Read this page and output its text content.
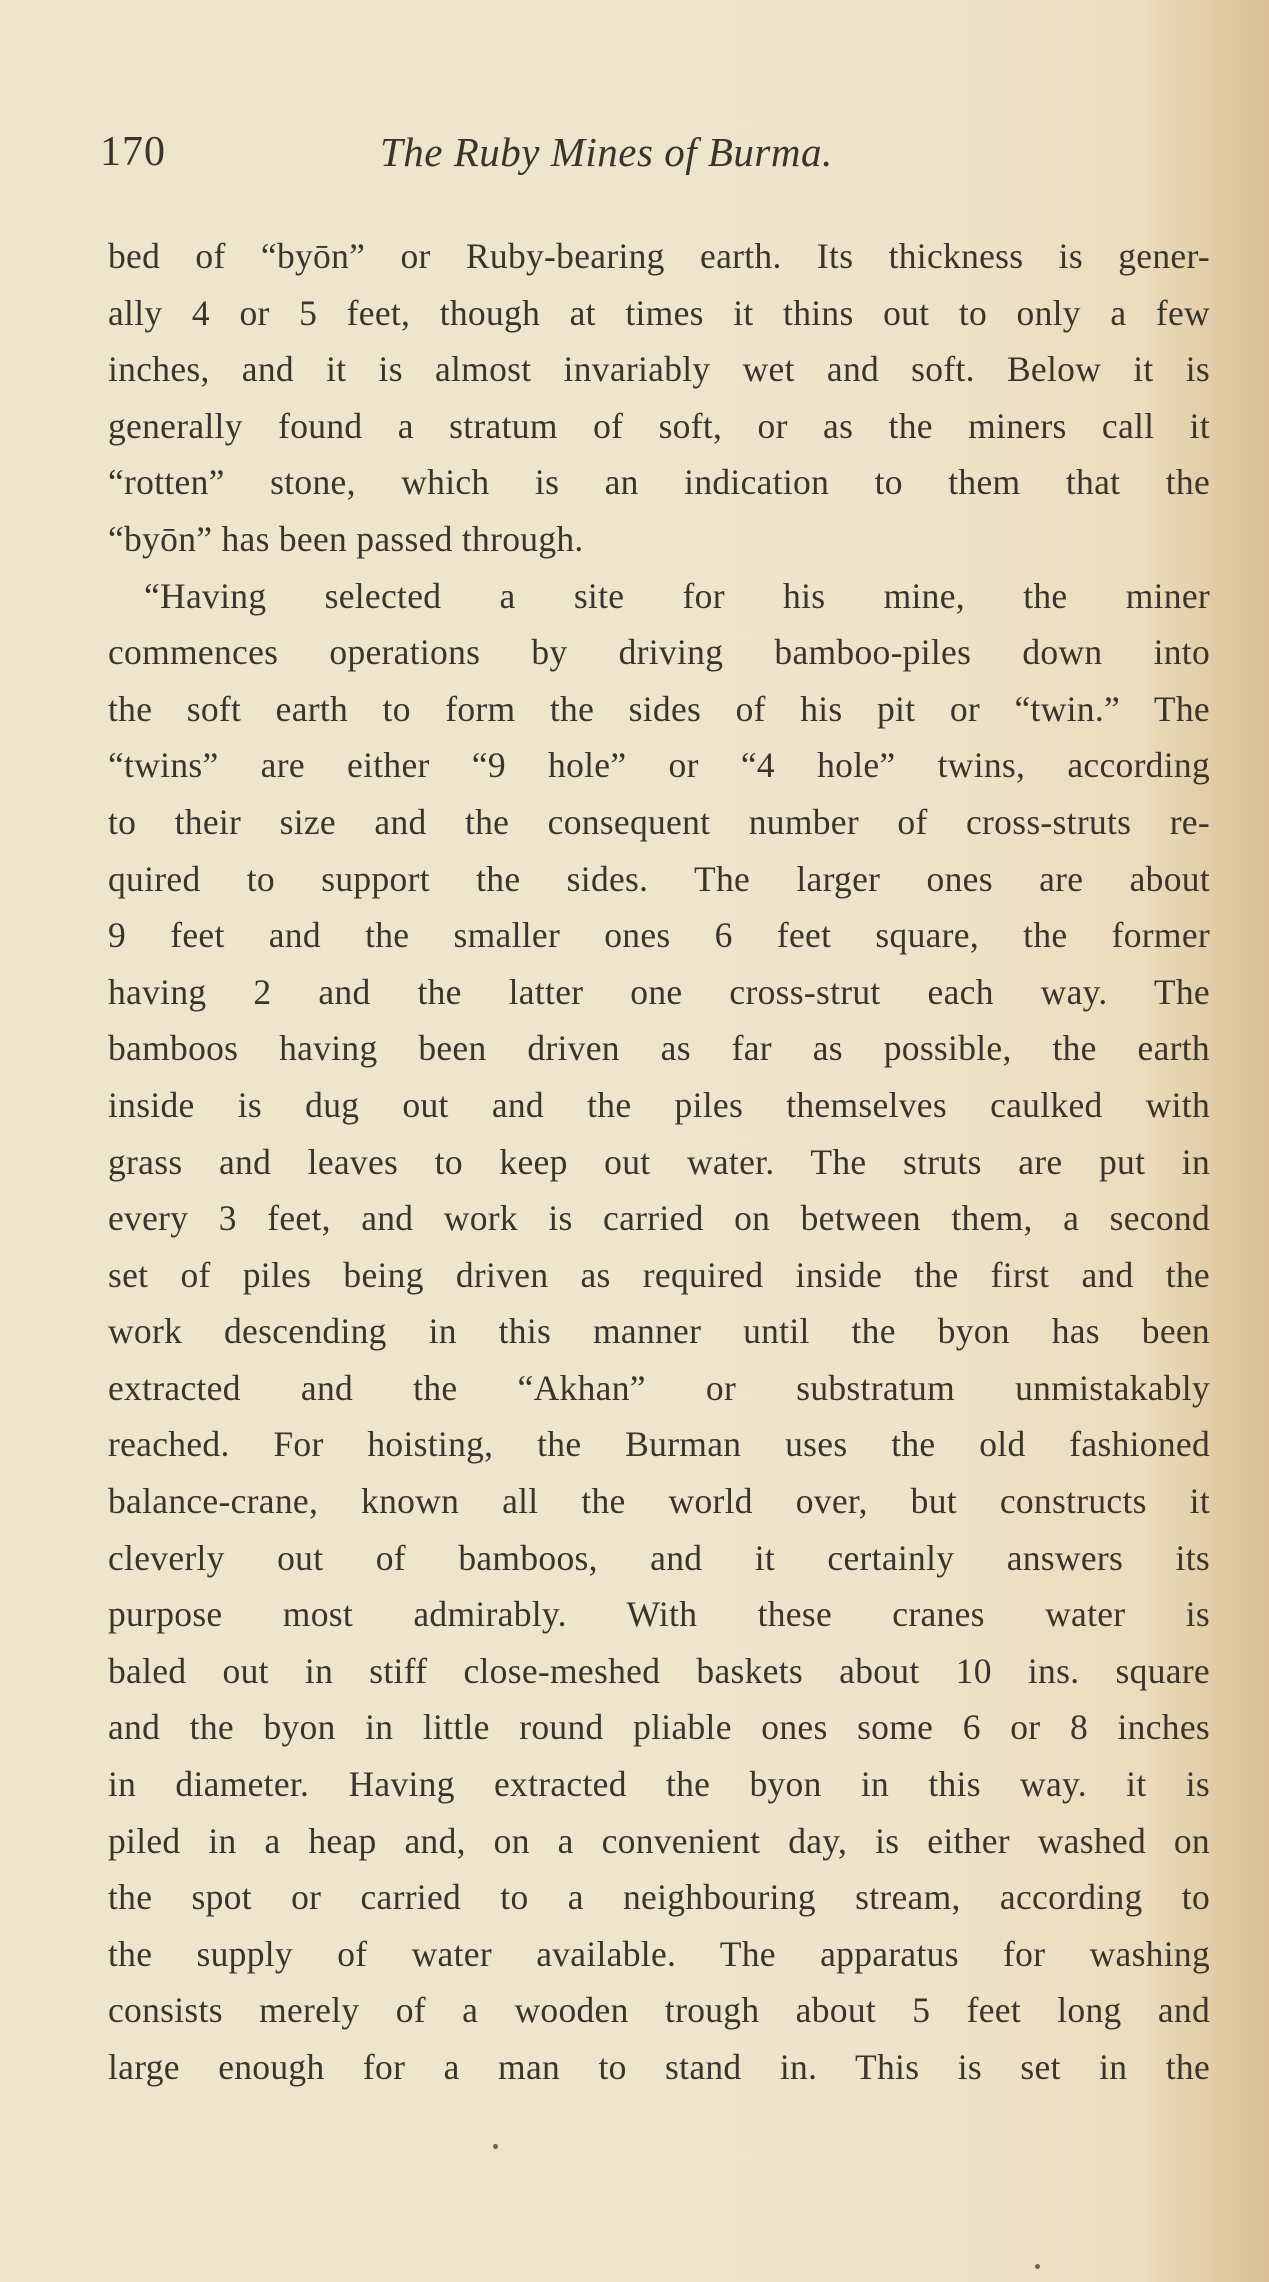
170	The Ruby Mines of Burma.
bed of “byōn” or Ruby-bearing earth. Its thickness is gener-
ally 4 or 5 feet, though at times it thins out to only a few
inches, and it is almost invariably wet and soft. Below it is
generally found a stratum of soft, or as the miners call it
“rotten” stone, which is an indication to them that the
“byōn” has been passed through.
“Having selected a site for his mine, the miner
commences operations by driving bamboo-piles down into
the soft earth to form the sides of his pit or “twin.” The
“twins” are either “9 hole” or “4 hole” twins, according
to their size and the consequent number of cross-struts re-
quired to support the sides. The larger ones are about
9 feet and the smaller ones 6 feet square, the former
having 2 and the latter one cross-strut each way. The
bamboos having been driven as far as possible, the earth
inside is dug out and the piles themselves caulked with
grass and leaves to keep out water. The struts are put in
every 3 feet, and work is carried on between them, a second
set of piles being driven as required inside the first and the
work descending in this manner until the byon has been
extracted and the “Akhan” or substratum unmistakably
reached. For hoisting, the Burman uses the old fashioned
balance-crane, known all the world over, but constructs it
cleverly out of bamboos, and it certainly answers its
purpose most admirably. With these cranes water is
baled out in stiff close-meshed baskets about 10 ins. square
and the byon in little round pliable ones some 6 or 8 inches
in diameter. Having extracted the byon in this way. it is
piled in a heap and, on a convenient day, is either washed on
the spot or carried to a neighbouring stream, according to
the supply of water available. The apparatus for washing
consists merely of a wooden trough about 5 feet long and
large enough for a man to stand in. This is set in the
